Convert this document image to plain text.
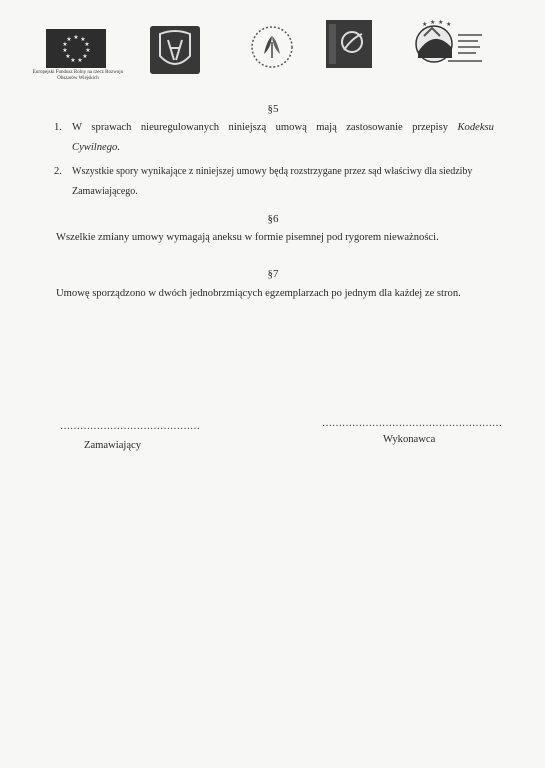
★ ★
★
★
★
★
★
★
★
★
★
Europejski Fundusz Rolny na rzecz Rozwoju Obszarów Wiejskich
★ ★ ★ ★
§5
1. W sprawach nieuregulowanych niniejszą umową mają zastosowanie przepisy Kodeksu
Cywilnego.
2. Wszystkie spory wynikające z niniejszej umowy będą rozstrzygane przez sąd właściwy dla siedziby
Zamawiającego.
§6
Wszelkie zmiany umowy wymagają aneksu w formie pisemnej pod rygorem nieważności.
§7
Umowę sporządzono w dwóch jednobrzmiących egzemplarzach po jednym dla każdej ze stron.
……………………………………
Zamawiający
………………………………………………
Wykonawca
